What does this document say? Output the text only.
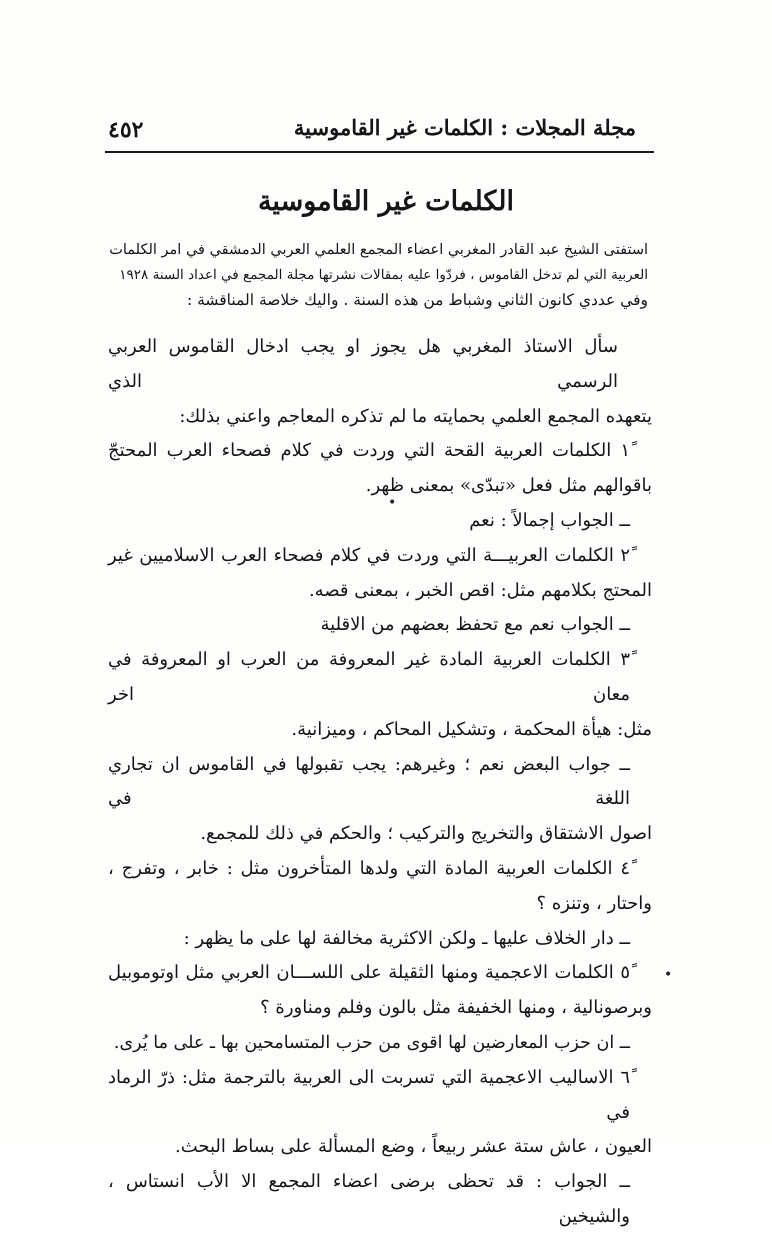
٤٥٢	مجلة المجلات : الكلمات غير القاموسية
الكلمات غير القاموسية

استفتى الشيخ عبد القادر المغربي اعضاء المجمع العلمي العربي الدمشقي في امر الكلمات

العربية التي لم تدخل القاموس ، فردّوا عليه بمقالات نشرتها مجلة المجمع في اعداد السنة ١٩٢٨

وفي عددي كانون الثاني وشباط من هذه السنة . واليك خلاصة المناقشة :

سأل الاستاذ المغربي هل يجوز او يجب ادخال القاموس العربي الرسمي الذي

يتعهده المجمع العلمي بحمايته ما لم تذكره المعاجم واعني بذلك:

١ً الكلمات العربية القحة التي وردت في كلام فصحاء العرب المحتجّ

باقوالهم مثل فعل «تبدّى» بمعنى ظهر.

ــ الجواب إجمالاً : نعم

٢ً الكلمات العربيـــة التي وردت في كلام فصحاء العرب الاسلاميين غير

المحتج بكلامهم مثل: اقص الخبر ، بمعنى قصه.

ــ الجواب نعم مع تحفظ بعضهم من الاقلية

٣ً الكلمات العربية المادة غير المعروفة من العرب او المعروفة في معان اخر

مثل: هيأة المحكمة ، وتشكيل المحاكم ، وميزانية.

ــ جواب البعض نعم ؛ وغيرهم: يجب تقبولها في القاموس ان تجاري اللغة في

اصول الاشتقاق والتخريج والتركيب ؛ والحكم في ذلك للمجمع.

٤ً الكلمات العربية المادة التي ولدها المتأخرون مثل : خابر ، وتفرج ،

واحتار ، وتنزه ؟

ــ دار الخلاف عليها ـ ولكن الاكثرية مخالفة لها على ما يظهر :

٥ً الكلمات الاعجمية ومنها الثقيلة على اللســـان العربي مثل اوتوموبيل

وبرصونالية ، ومنها الخفيفة مثل بالون وفلم ومناورة ؟

ــ ان حزب المعارضين لها اقوى من حزب المتسامحين بها ـ على ما يُرى.

٦ً الاساليب الاعجمية التي تسربت الى العربية بالترجمة مثل: ذرّ الرماد في

العيون ، عاش ستة عشر ربيعاً ، وضع المسألة على بساط البحث.

ــ الجواب : قد تحظى برضى اعضاء المجمع الا الأب انستاس ، والشيخين

•
•
